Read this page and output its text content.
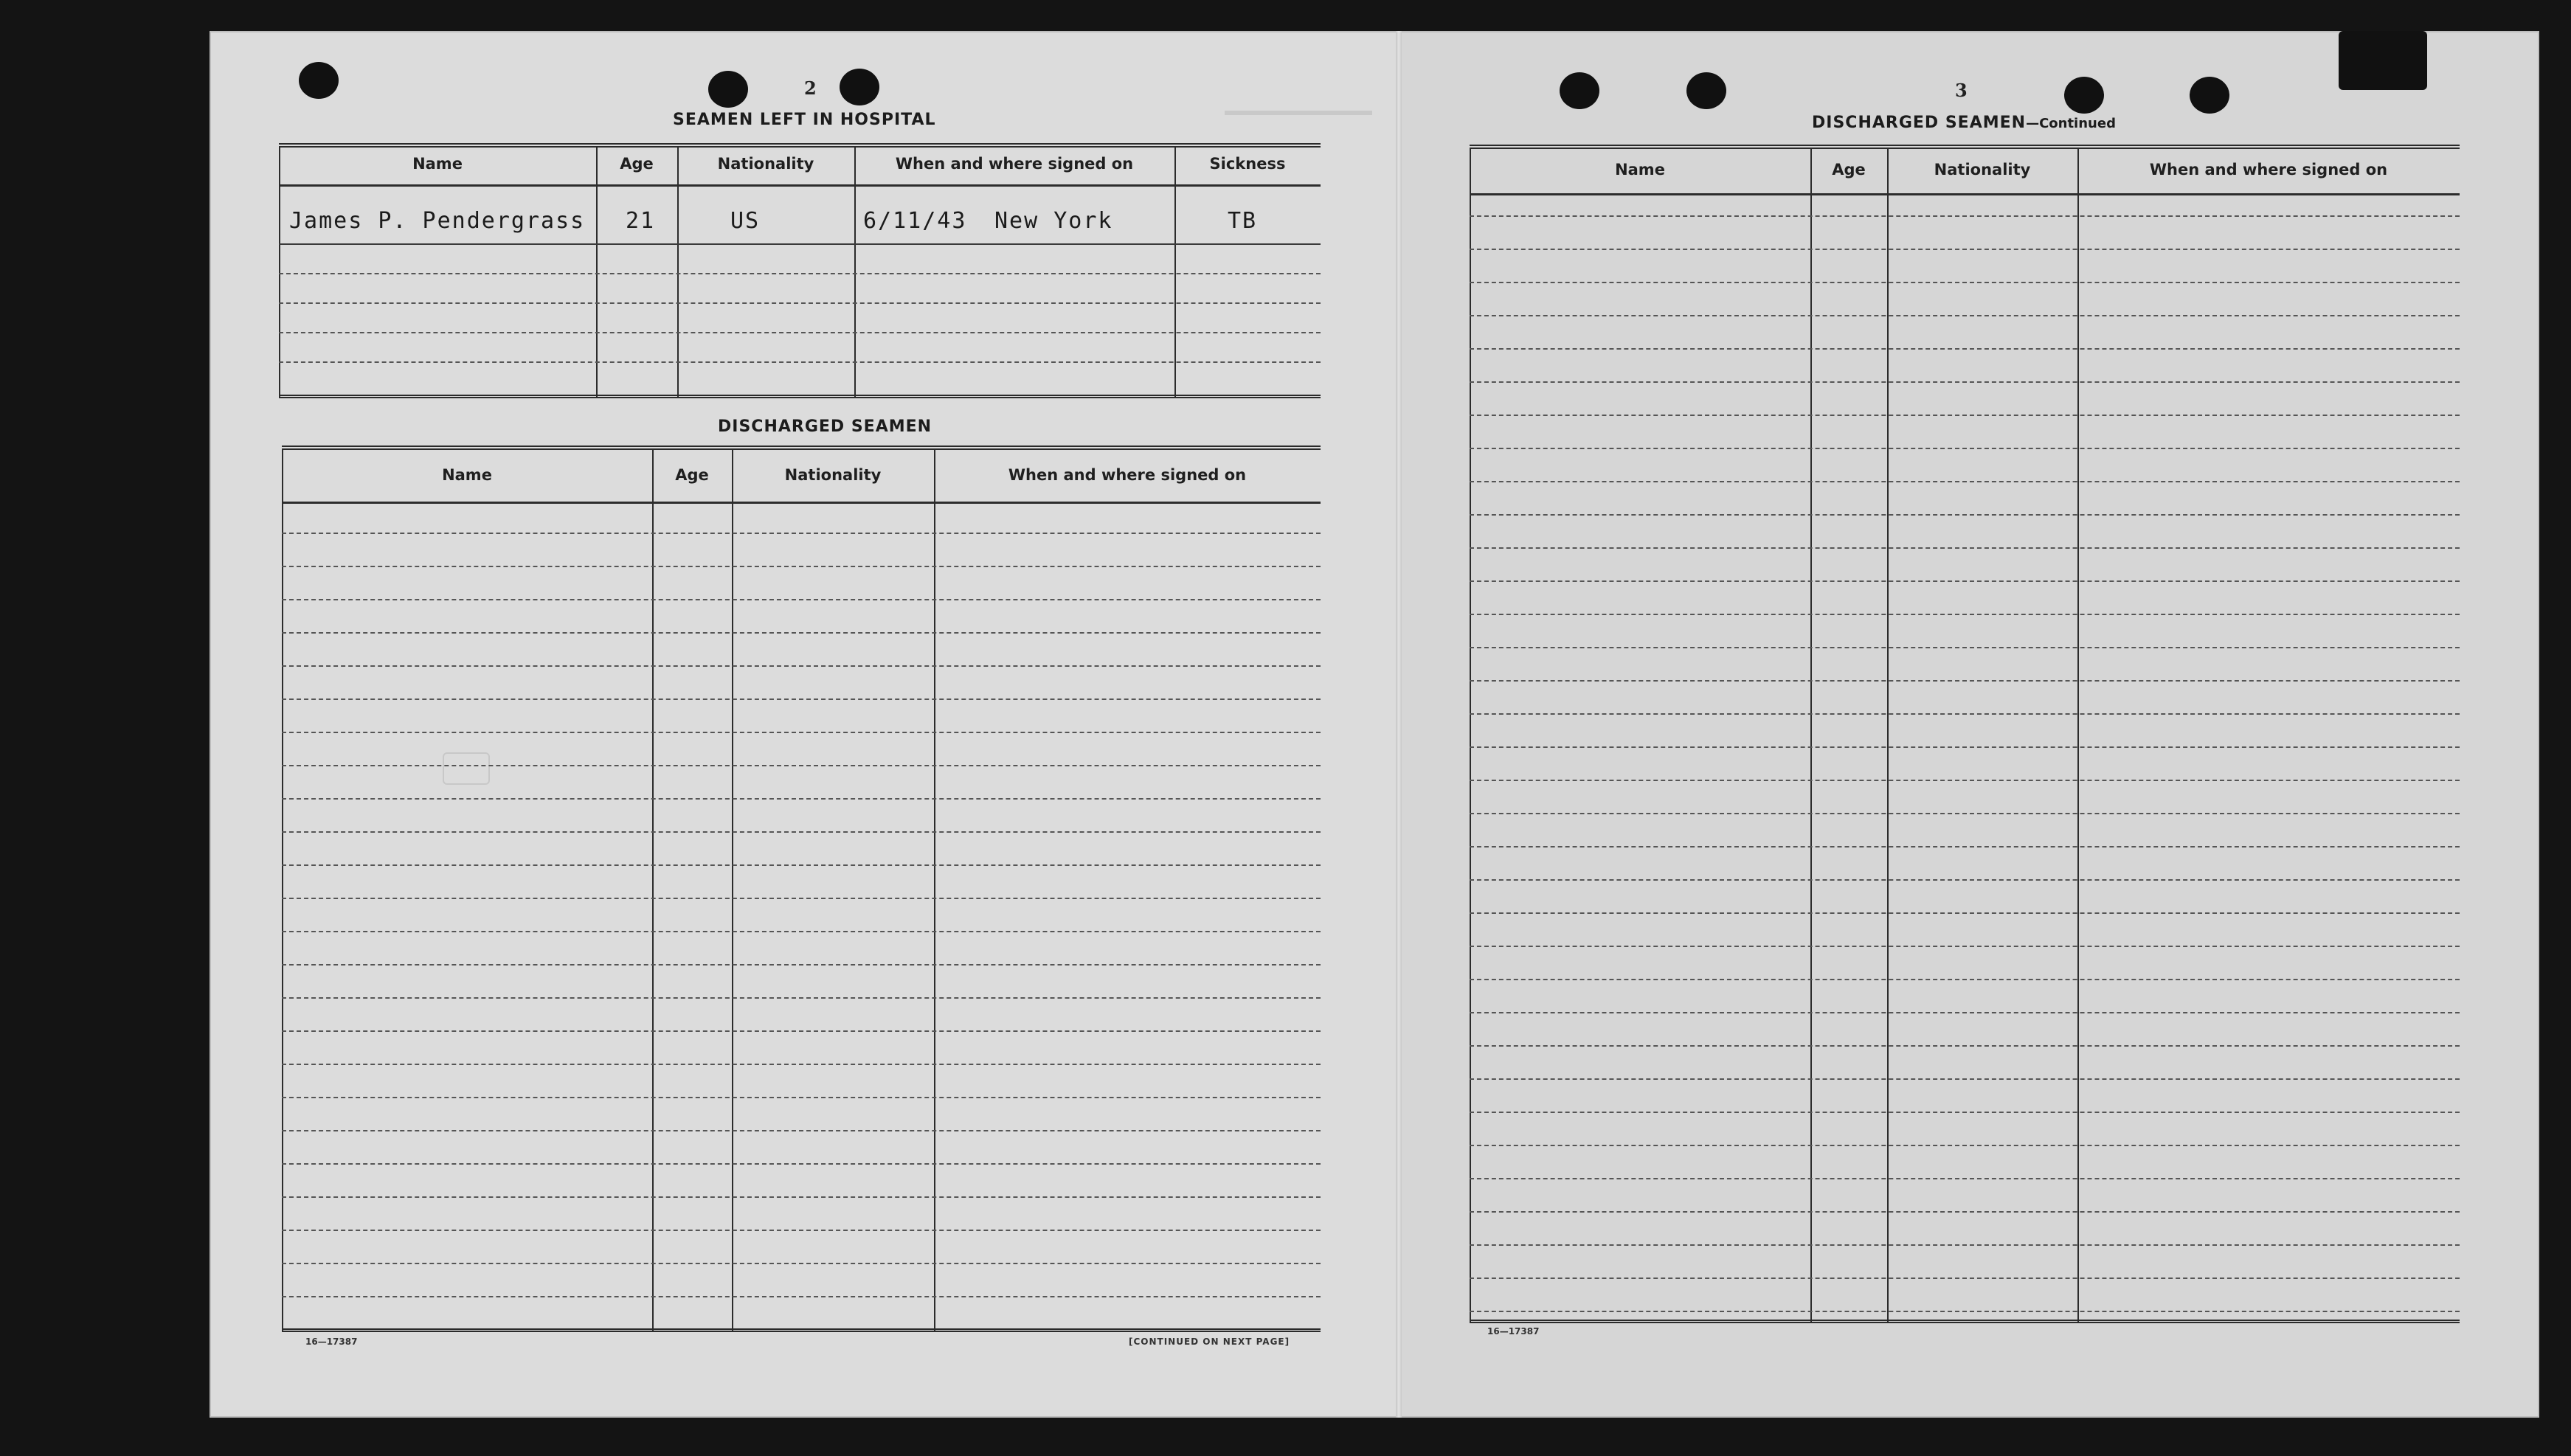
2
SEAMEN LEFT IN HOSPITAL
Name	Age	Nationality	When and where signed on	Sickness
James P. Pendergrass 21	US	6/11/43 New York	TB
DISCHARGED SEAMEN
Name	Age	Nationality	When and where signed on
16—17387	[CONTINUED ON NEXT PAGE]
3
DISCHARGED SEAMEN—Continued
Name	Age	Nationality	When and where signed on
16—17387
